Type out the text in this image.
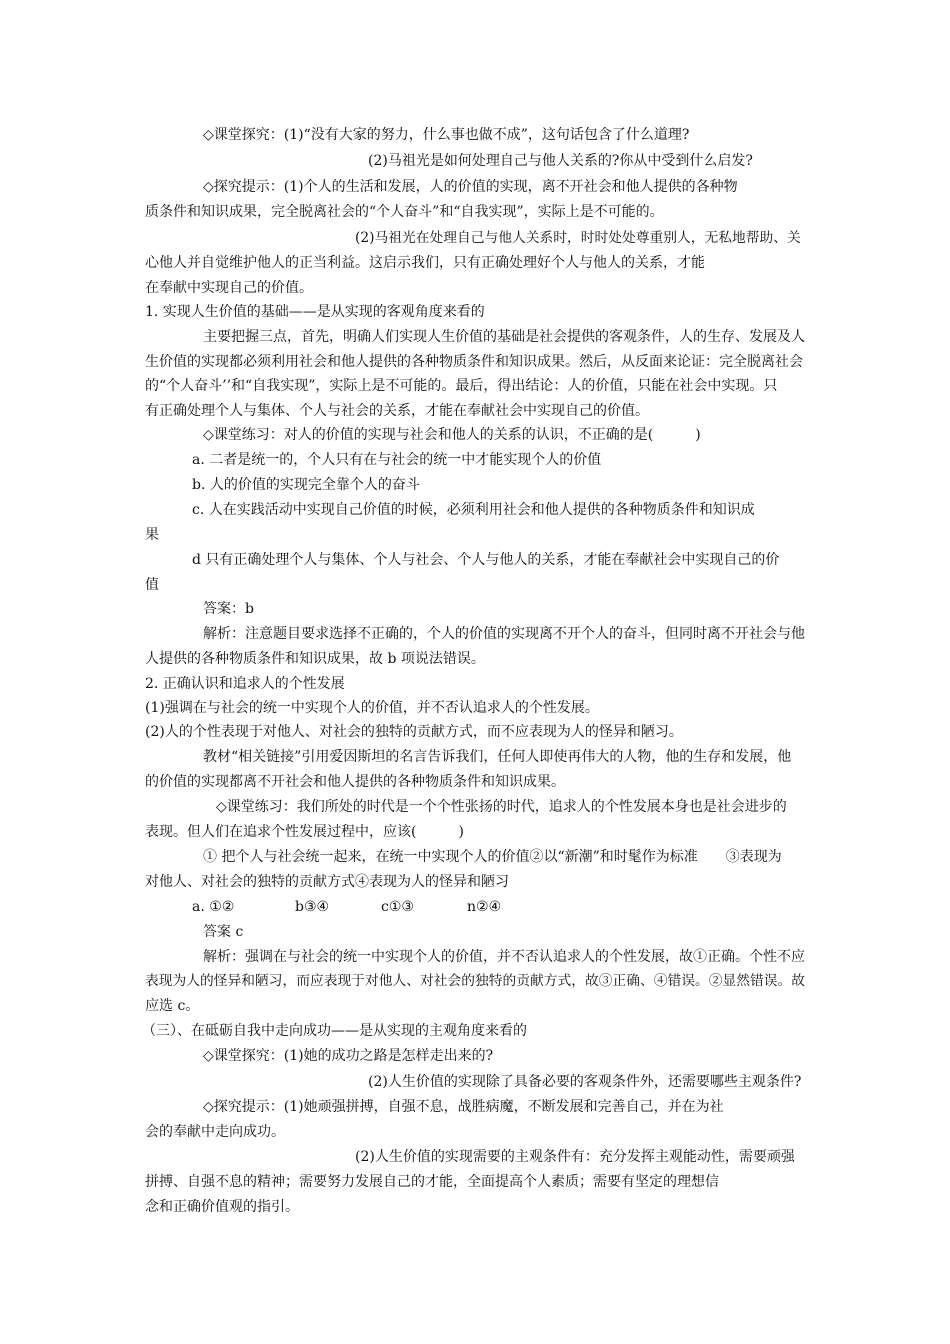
◇课堂探究：(1)“没有大家的努力，什么事也做不成”，这句话包含了什么道理?
(2)马祖光是如何处理自己与他人关系的?你从中受到什么启发?
◇探究提示：(1)个人的生活和发展，人的价值的实现，离不开社会和他人提供的各种物
质条件和知识成果，完全脱离社会的“个人奋斗”和“自我实现”，实际上是不可能的。
(2)马祖光在处理自己与他人关系时，时时处处尊重别人，无私地帮助、关
心他人并自觉维护他人的正当利益。这启示我们，只有正确处理好个人与他人的关系，才能
在奉献中实现自己的价值。
1. 实现人生价值的基础——是从实现的客观角度来看的
主要把握三点，首先，明确人们实现人生价值的基础是社会提供的客观条件，人的生存、发展及人
生价值的实现都必须利用社会和他人提供的各种物质条件和知识成果。然后，从反面来论证：完全脱离社会
的“个人奋斗’’和“自我实现”，实际上是不可能的。最后，得出结论：人的价值，只能在社会中实现。只
有正确处理个人与集体、个人与社会的关系，才能在奉献社会中实现自己的价值。
◇课堂练习：对人的价值的实现与社会和他人的关系的认识，不正确的是(　　　)
a. 二者是统一的，个人只有在与社会的统一中才能实现个人的价值
b. 人的价值的实现完全靠个人的奋斗
c. 人在实践活动中实现自己价值的时候，必须利用社会和他人提供的各种物质条件和知识成
果
d 只有正确处理个人与集体、个人与社会、个人与他人的关系，才能在奉献社会中实现自己的价
值
答案：b
解析：注意题目要求选择不正确的，个人的价值的实现离不开个人的奋斗，但同时离不开社会与他
人提供的各种物质条件和知识成果，故 b 项说法错误。
2. 正确认识和追求人的个性发展
(1)强调在与社会的统一中实现个人的价值，并不否认追求人的个性发展。
(2)人的个性表现于对他人、对社会的独特的贡献方式，而不应表现为人的怪异和陋习。
教材“相关链接”引用爱因斯坦的名言告诉我们，任何人即使再伟大的人物，他的生存和发展，他
的价值的实现都离不开社会和他人提供的各种物质条件和知识成果。
◇课堂练习：我们所处的时代是一个个性张扬的时代，追求人的个性发展本身也是社会进步的
表现。但人们在追求个性发展过程中，应该(　　　)
① 把个人与社会统一起来，在统一中实现个人的价值②以“新潮”和时髦作为标准　　③表现为
对他人、对社会的独特的贡献方式④表现为人的怪异和陋习
a. ①②	b③④	c①③	n②④
答案 c
解析：强调在与社会的统一中实现个人的价值，并不否认追求人的个性发展，故①正确。个性不应
表现为人的怪异和陋习，而应表现于对他人、对社会的独特的贡献方式，故③正确、④错误。②显然错误。故
应选 c。
（三）、在砥砺自我中走向成功——是从实现的主观角度来看的
◇课堂探究：(1)她的成功之路是怎样走出来的?
(2)人生价值的实现除了具备必要的客观条件外，还需要哪些主观条件?
◇探究提示：(1)她顽强拼搏，自强不息，战胜病魔，不断发展和完善自己，并在为社
会的奉献中走向成功。
(2)人生价值的实现需要的主观条件有：充分发挥主观能动性，需要顽强
拼搏、自强不息的精神；需要努力发展自己的才能，全面提高个人素质；需要有坚定的理想信
念和正确价值观的指引。
